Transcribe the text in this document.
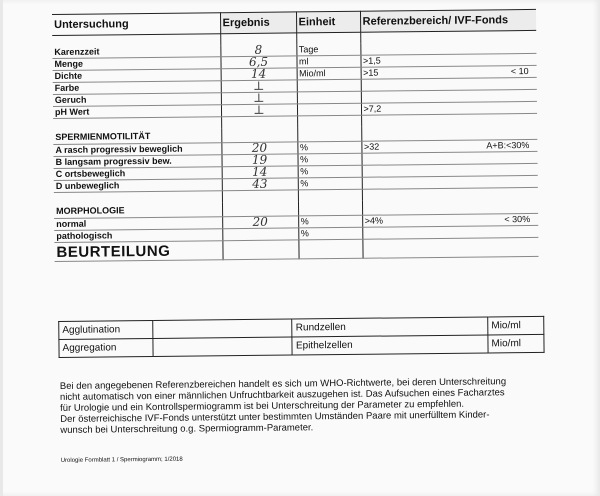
Untersuchung	Ergebnis	Einheit	Referenzbereich/ IVF-Fonds

Karenzzeit	8	Tage	

Menge	6,5	ml	>1,5

Dichte	14	Mio/ml	>15 < 10

Farbe	⊥		

Geruch	⊥		

pH Wert	⊥		>7,2

SPERMIENMOTILITÄT			
A rasch progressiv beweglich	20	%	>32 A+B:<30%

B langsam progressiv bew.	19	%	

C ortsbeweglich	14	%	

D unbeweglich	43	%	

MORPHOLOGIE			
normal	20	%	>4% < 30%

pathologisch		%	

BEURTEILUNG			
Agglutination		Rundzellen	Mio/ml
Aggregation		Epithelzellen	Mio/ml
Bei den angegebenen Referenzbereichen handelt es sich um WHO-Richtwerte, bei deren Unterschreitung
nicht automatisch von einer männlichen Unfruchtbarkeit auszugehen ist. Das Aufsuchen eines Facharztes
für Urologie und ein Kontrollspermiogramm ist bei Unterschreitung der Parameter zu empfehlen.
Der österreichische IVF-Fonds unterstützt unter bestimmten Umständen Paare mit unerfülltem Kinder-
wunsch bei Unterschreitung o.g. Spermiogramm-Parameter.
Urologie Formblatt 1 / Spermiogramm; 1/2018
